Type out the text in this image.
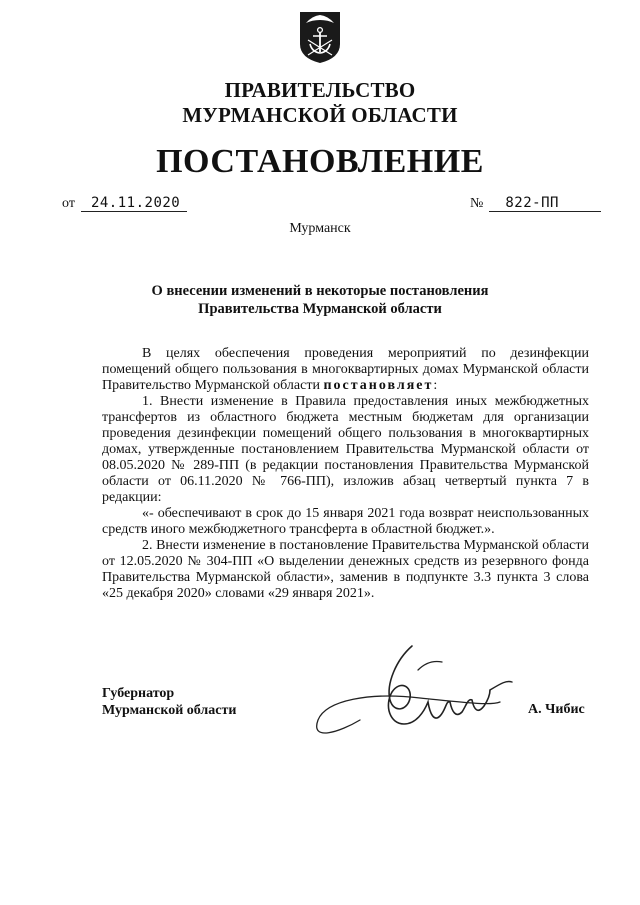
ПРАВИТЕЛЬСТВО
МУРМАНСКОЙ ОБЛАСТИ
ПОСТАНОВЛЕНИЕ
от 24.11.2020	№ 822-ПП
Мурманск
О внесении изменений в некоторые постановления
Правительства Мурманской области

В целях обеспечения проведения мероприятий по дезинфекции помещений общего пользования в многоквартирных домах Мурманской области Правительство Мурманской области постановляет:

1. Внести изменение в Правила предоставления иных межбюджетных трансфертов из областного бюджета местным бюджетам для организации проведения дезинфекции помещений общего пользования в многоквартирных домах, утвержденные постановлением Правительства Мурманской области от 08.05.2020 № 289-ПП (в редакции постановления Правительства Мурманской области от 06.11.2020 № 766-ПП), изложив абзац четвертый пункта 7 в редакции:

«- обеспечивают в срок до 15 января 2021 года возврат неиспользованных средств иного межбюджетного трансферта в областной бюджет.».

2. Внести изменение в постановление Правительства Мурманской области от 12.05.2020 № 304-ПП «О выделении денежных средств из резервного фонда Правительства Мурманской области», заменив в подпункте 3.3 пункта 3 слова «25 декабря 2020» словами «29 января 2021».

Губернатор
Мурманской области	А. Чибис
